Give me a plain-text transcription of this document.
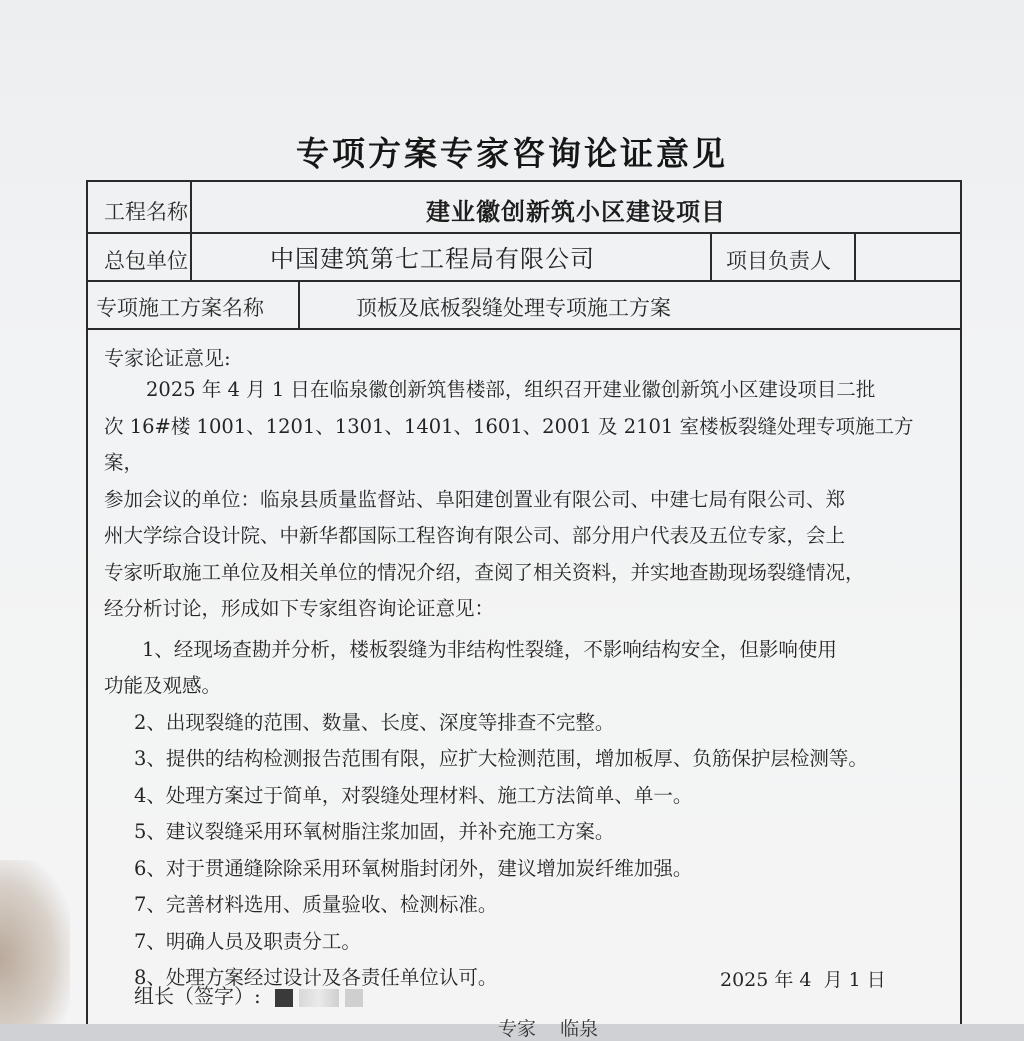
专项方案专家咨询论证意见
工程名称	建业徽创新筑小区建设项目
总包单位	中国建筑第七工程局有限公司	项目负责人
专项施工方案名称	顶板及底板裂缝处理专项施工方案
专家论证意见:

2025 年 4 月 1 日在临泉徽创新筑售楼部，组织召开建业徽创新筑小区建设项目二批

次 16#楼 1001、1201、1301、1401、1601、2001 及 2101 室楼板裂缝处理专项施工方案，

参加会议的单位：临泉县质量监督站、阜阳建创置业有限公司、中建七局有限公司、郑

州大学综合设计院、中新华都国际工程咨询有限公司、部分用户代表及五位专家，会上

专家听取施工单位及相关单位的情况介绍，查阅了相关资料，并实地查勘现场裂缝情况，

经分析讨论，形成如下专家组咨询论证意见：

1、经现场查勘并分析，楼板裂缝为非结构性裂缝，不影响结构安全，但影响使用

功能及观感。

2、出现裂缝的范围、数量、长度、深度等排查不完整。

3、提供的结构检测报告范围有限，应扩大检测范围，增加板厚、负筋保护层检测等。

4、处理方案过于简单，对裂缝处理材料、施工方法简单、单一。

5、建议裂缝采用环氧树脂注浆加固，并补充施工方案。

6、对于贯通缝除除采用环氧树脂封闭外，建议增加炭纤维加强。

7、完善材料选用、质量验收、检测标准。

7、明确人员及职责分工。

8、处理方案经过设计及各责任单位认可。

组长（签字）:
2025 年 4  月 1 日
专家    临泉
